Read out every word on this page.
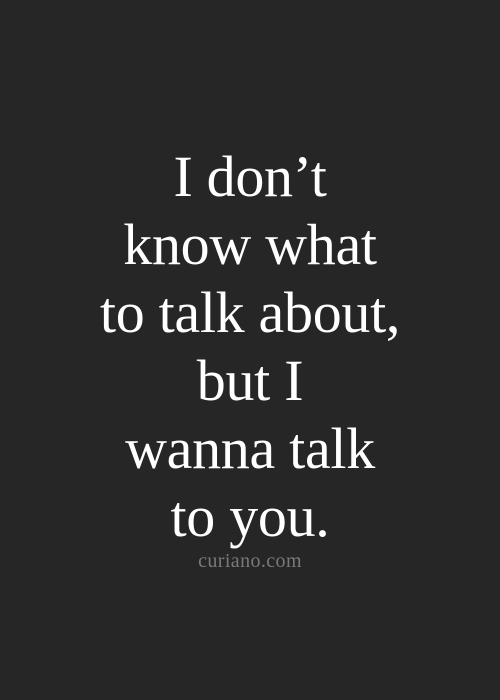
I don’t
know what
to talk about,
but I
wanna talk
to you.
curiano.com
